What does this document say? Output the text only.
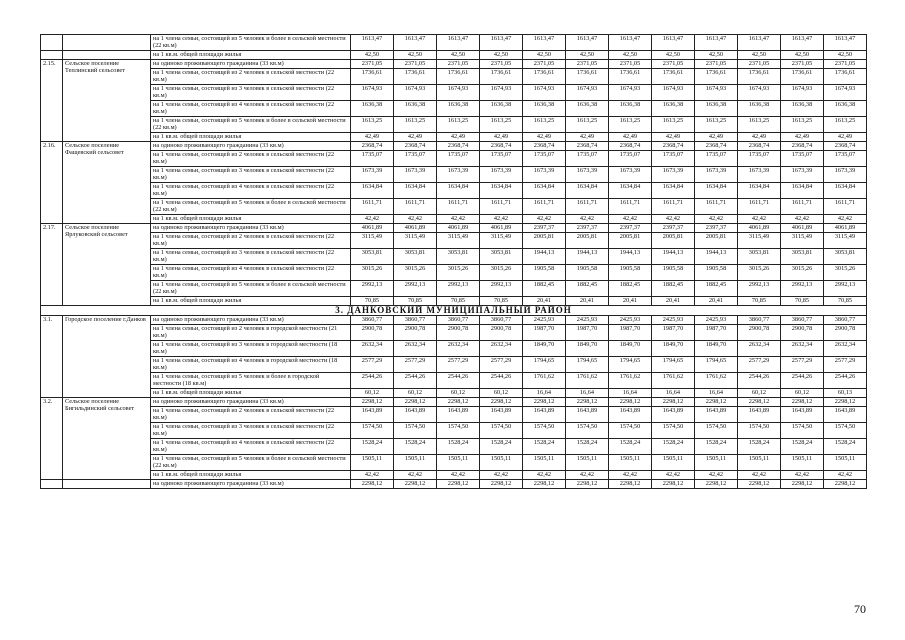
		на 1 члена семьи, состоящей из 5 человек и более в сельской местности (22 кв.м)	1613,47	1613,47	1613,47	1613,47	1613,47	1613,47	1613,47	1613,47	1613,47	1613,47	1613,47	1613,47
		на 1 кв.м. общей площади жилья	42,50	42,50	42,50	42,50	42,50	42,50	42,50	42,50	42,50	42,50	42,50	42,50
2.15.	Сельское поселение Теплинский сельсовет	на одиноко проживающего гражданина (33 кв.м)	2371,05	2371,05	2371,05	2371,05	2371,05	2371,05	2371,05	2371,05	2371,05	2371,05	2371,05	2371,05
		на 1 члена семьи, состоящей из 2 человек в сельской местности (22 кв.м)	1736,61	1736,61	1736,61	1736,61	1736,61	1736,61	1736,61	1736,61	1736,61	1736,61	1736,61	1736,61
		на 1 члена семьи, состоящей из 3 человек в сельской местности (22 кв.м)	1674,93	1674,93	1674,93	1674,93	1674,93	1674,93	1674,93	1674,93	1674,93	1674,93	1674,93	1674,93
		на 1 члена семьи, состоящей из 4 человек в сельской местности (22 кв.м)	1636,38	1636,38	1636,38	1636,38	1636,38	1636,38	1636,38	1636,38	1636,38	1636,38	1636,38	1636,38
		на 1 члена семьи, состоящей из 5 человек и более в сельской местности (22 кв.м)	1613,25	1613,25	1613,25	1613,25	1613,25	1613,25	1613,25	1613,25	1613,25	1613,25	1613,25	1613,25
		на 1 кв.м. общей площади жилья	42,49	42,49	42,49	42,49	42,49	42,49	42,49	42,49	42,49	42,49	42,49	42,49
2.16.	Сельское поселение Фащевский сельсовет	на одиноко проживающего гражданина (33 кв.м)	2368,74	2368,74	2368,74	2368,74	2368,74	2368,74	2368,74	2368,74	2368,74	2368,74	2368,74	2368,74
		на 1 члена семьи, состоящей из 2 человек в сельской местности (22 кв.м)	1735,07	1735,07	1735,07	1735,07	1735,07	1735,07	1735,07	1735,07	1735,07	1735,07	1735,07	1735,07
		на 1 члена семьи, состоящей из 3 человек в сельской местности (22 кв.м)	1673,39	1673,39	1673,39	1673,39	1673,39	1673,39	1673,39	1673,39	1673,39	1673,39	1673,39	1673,39
		на 1 члена семьи, состоящей из 4 человек в сельской местности (22 кв.м)	1634,84	1634,84	1634,84	1634,84	1634,84	1634,84	1634,84	1634,84	1634,84	1634,84	1634,84	1634,84
		на 1 члена семьи, состоящей из 5 человек и более в сельской местности (22 кв.м)	1611,71	1611,71	1611,71	1611,71	1611,71	1611,71	1611,71	1611,71	1611,71	1611,71	1611,71	1611,71
		на 1 кв.м. общей площади жилья	42,42	42,42	42,42	42,42	42,42	42,42	42,42	42,42	42,42	42,42	42,42	42,42
2.17.	Сельское поселение Ярлуковский сельсовет	на одиноко проживающего гражданина (33 кв.м)	4061,89	4061,89	4061,89	4061,89	2397,37	2397,37	2397,37	2397,37	2397,37	4061,89	4061,89	4061,89
		на 1 члена семьи, состоящей из 2 человек в сельской местности (22 кв.м)	3115,49	3115,49	3115,49	3115,49	2005,81	2005,81	2005,81	2005,81	2005,81	3115,49	3115,49	3115,49
		на 1 члена семьи, состоящей из 3 человек в сельской местности (22 кв.м)	3053,81	3053,81	3053,81	3053,81	1944,13	1944,13	1944,13	1944,13	1944,13	3053,81	3053,81	3053,81
		на 1 члена семьи, состоящей из 4 человек в сельской местности (22 кв.м)	3015,26	3015,26	3015,26	3015,26	1905,58	1905,58	1905,58	1905,58	1905,58	3015,26	3015,26	3015,26
		на 1 члена семьи, состоящей из 5 человек и более в сельской местности (22 кв.м)	2992,13	2992,13	2992,13	2992,13	1882,45	1882,45	1882,45	1882,45	1882,45	2992,13	2992,13	2992,13
		на 1 кв.м. общей площади жилья	70,85	70,85	70,85	70,85	20,41	20,41	20,41	20,41	20,41	70,85	70,85	70,85
3. ДАНКОВСКИЙ МУНИЦИПАЛЬНЫЙ РАЙОН														
3.1.	Городское поселение г.Данков	на одиноко проживающего гражданина (33 кв.м)	3860,77	3860,77	3860,77	3860,77	2425,93	2425,93	2425,93	2425,93	2425,93	3860,77	3860,77	3860,77
		на 1 члена семьи, состоящей из 2 человек в городской местности (21 кв.м)	2900,78	2900,78	2900,78	2900,78	1987,70	1987,70	1987,70	1987,70	1987,70	2900,78	2900,78	2900,78
		на 1 члена семьи, состоящей из 3 человек в городской местности (18 кв.м)	2632,34	2632,34	2632,34	2632,34	1849,70	1849,70	1849,70	1849,70	1849,70	2632,34	2632,34	2632,34
		на 1 члена семьи, состоящей из 4 человек в городской местности (18 кв.м)	2577,29	2577,29	2577,29	2577,29	1794,65	1794,65	1794,65	1794,65	1794,65	2577,29	2577,29	2577,29
		на 1 члена семьи, состоящей из 5 человек и более в городской местности (18 кв.м)	2544,26	2544,26	2544,26	2544,26	1761,62	1761,62	1761,62	1761,62	1761,62	2544,26	2544,26	2544,26
		на 1 кв.м. общей площади жилья	60,12	60,12	60,12	60,12	16,64	16,64	16,64	16,64	16,64	60,12	60,12	60,13
3.2.	Сельское поселение Бигильдинский сельсовет	на одиноко проживающего гражданина (33 кв.м)	2298,12	2298,12	2298,12	2298,12	2298,12	2298,12	2298,12	2298,12	2298,12	2298,12	2298,12	2298,12
		на 1 члена семьи, состоящей из 2 человек в сельской местности (22 кв.м)	1643,89	1643,89	1643,89	1643,89	1643,89	1643,89	1643,89	1643,89	1643,89	1643,89	1643,89	1643,89
		на 1 члена семьи, состоящей из 3 человек в сельской местности (22 кв.м)	1574,50	1574,50	1574,50	1574,50	1574,50	1574,50	1574,50	1574,50	1574,50	1574,50	1574,50	1574,50
		на 1 члена семьи, состоящей из 4 человек в сельской местности (22 кв.м)	1528,24	1528,24	1528,24	1528,24	1528,24	1528,24	1528,24	1528,24	1528,24	1528,24	1528,24	1528,24
		на 1 члена семьи, состоящей из 5 человек и более в сельской местности (22 кв.м)	1505,11	1505,11	1505,11	1505,11	1505,11	1505,11	1505,11	1505,11	1505,11	1505,11	1505,11	1505,11
		на 1 кв.м. общей площади жилья	42,42	42,42	42,42	42,42	42,42	42,42	42,42	42,42	42,42	42,42	42,42	42,42
		на одиноко проживающего гражданина (33 кв.м)	2298,12	2298,12	2298,12	2298,12	2298,12	2298,12	2298,12	2298,12	2298,12	2298,12	2298,12	2298,12
70
